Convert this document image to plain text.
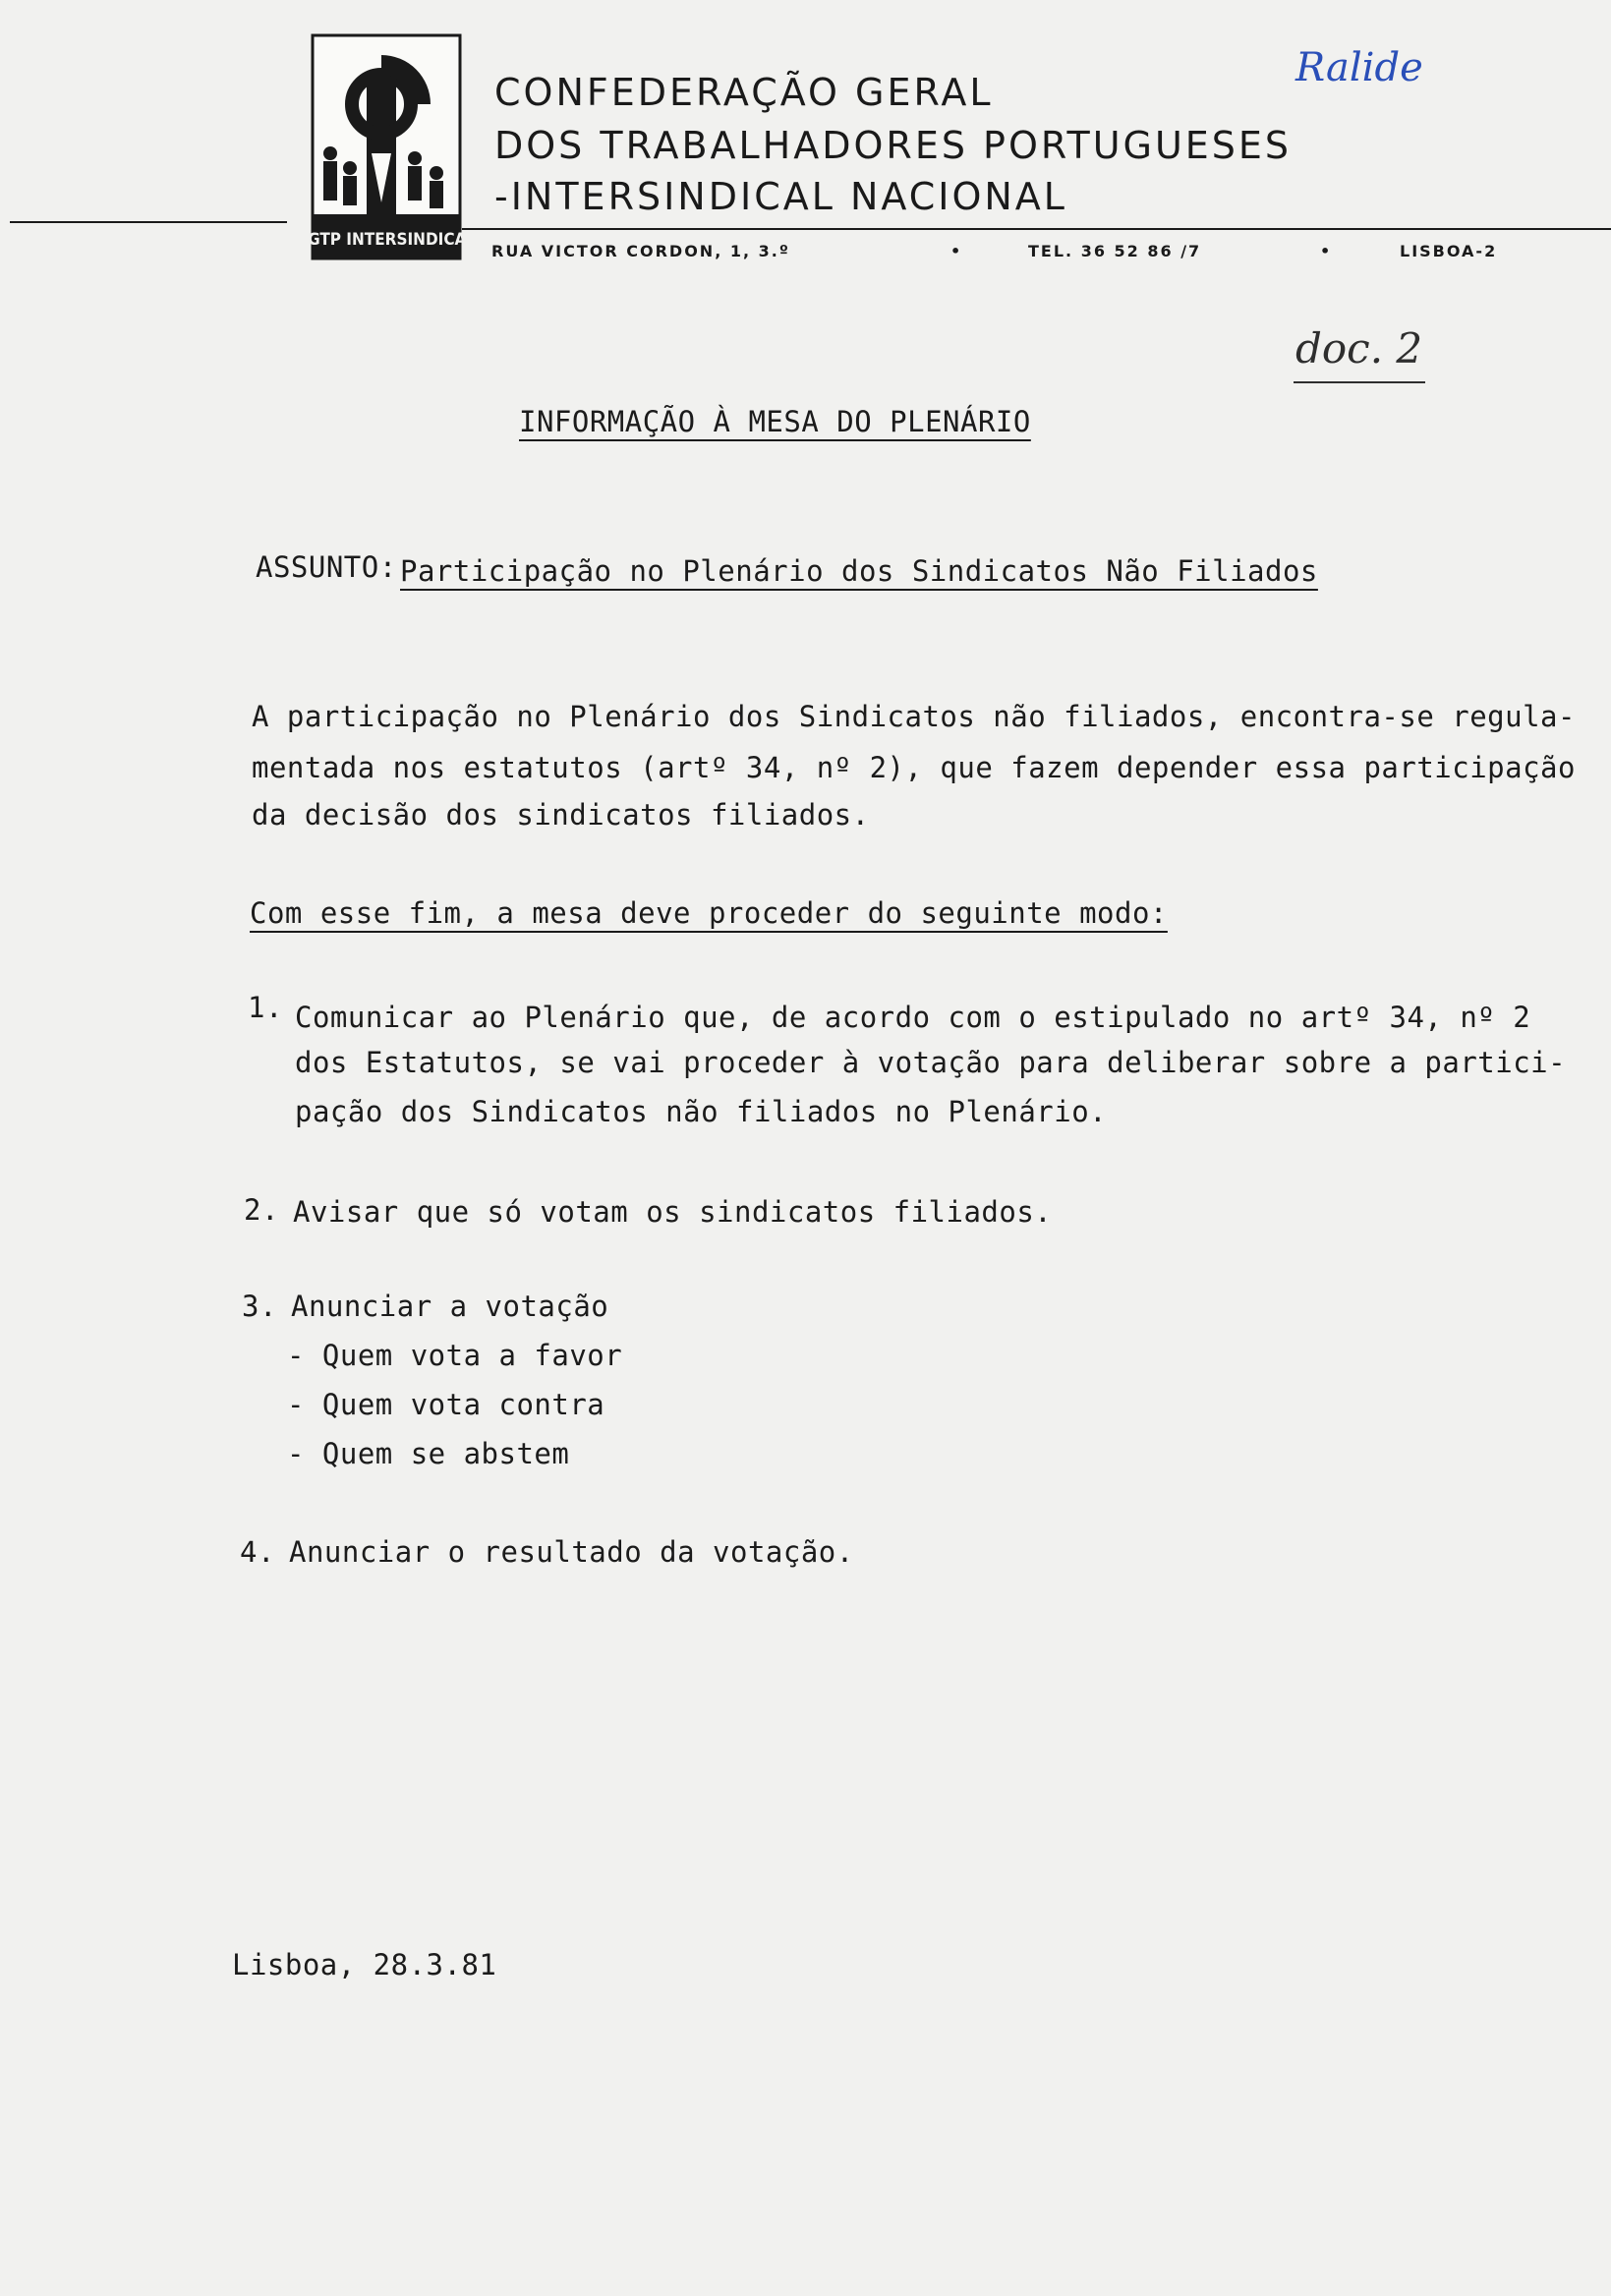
CGTP INTERSINDICAL
CONFEDERAÇÃO GERAL
DOS TRABALHADORES PORTUGUESES
-INTERSINDICAL NACIONAL
RUA VICTOR CORDON, 1, 3.º	•	TEL. 36 52 86 /7	•	LISBOA-2
Ralide
doc. 2
INFORMAÇÃO À MESA DO PLENÁRIO
ASSUNTO: Participação no Plenário dos Sindicatos Não Filiados
A participação no Plenário dos Sindicatos não filiados, encontra-se regula-
mentada nos estatutos (artº 34, nº 2), que fazem depender essa participação
da decisão dos sindicatos filiados.
Com esse fim, a mesa deve proceder do seguinte modo:
1. Comunicar ao Plenário que, de acordo com o estipulado no artº 34, nº 2
dos Estatutos, se vai proceder à votação para deliberar sobre a partici-
pação dos Sindicatos não filiados no Plenário.
2. Avisar que só votam os sindicatos filiados.
3. Anunciar a votação
- Quem vota a favor
- Quem vota contra
- Quem se abstem
4. Anunciar o resultado da votação.
Lisboa, 28.3.81
